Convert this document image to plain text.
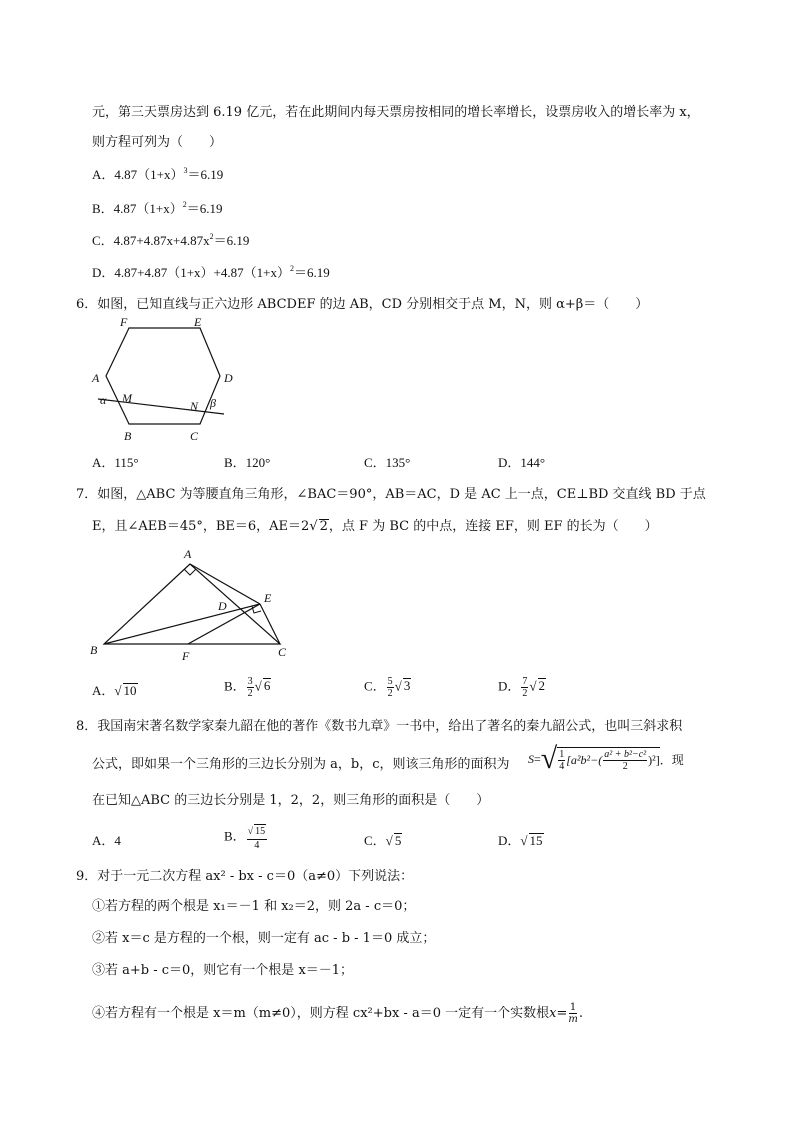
元，第三天票房达到 6.19 亿元，若在此期间内每天票房按相同的增长率增长，设票房收入的增长率为 x，
则方程可列为（　　）
A．$4.87(1+x)^3=6.19$
B．$4.87(1+x)^2=6.19$
C．$4.87+4.87x+4.87x^2=6.19$
D．$4.87+4.87(1+x)+4.87(1+x)^2=6.19$
6．如图，已知直线与正六边形 ABCDEF 的边 AB，CD 分别相交于点 M，N，则 α+β＝（　　）
F	E
A	D
α M
N β
B	C
A．115°	B．120°	C．135°	D．144°
7．如图，△ABC 为等腰直角三角形，∠BAC＝90°，AB＝AC，D 是 AC 上一点，CE⊥BD 交直线 BD 于点
E，且∠AEB＝45°，BE＝6，AE＝2√ 2，点 F 为 BC 的中点，连接 EF，则 EF 的长为（　　）
A
D
E
B	F	C
A．√ 10	B． $\frac{3}{2}$ √ 6	C． $\frac{5}{2}$ √ 3	D． $\frac{7}{2}$ √ 2
8．我国南宋著名数学家秦九韶在他的著作《数书九章》一书中，给出了著名的秦九韶公式，也叫三斜求积
公式，即如果一个三角形的三边长分别为 a，b，c，则该三角形的面积为 S = √ $\frac{1}{4} [a^2b^2-( \frac{\text{a² + b²−c²}}{2} )^2]$ ．现
在已知△ABC 的三边长分别是 1，2，2，则三角形的面积是（　　）
A．4	B． $\frac{√ 15}{4}$	C．√ 5	D．√ 15
9．对于一元二次方程 ax² - bx - c＝0（a≠0）下列说法：
①若方程的两个根是 x₁＝－1 和 x₂＝2，则 2a - c＝0；
②若 x＝c 是方程的一个根，则一定有 ac - b - 1＝0 成立；
③若 a+b - c＝0，则它有一个根是 x＝－1；
④若方程有一个根是 x＝m（m≠0），则方程 cx²+bx - a＝0 一定有一个实数根 $x = \frac{1}{m}$ .
